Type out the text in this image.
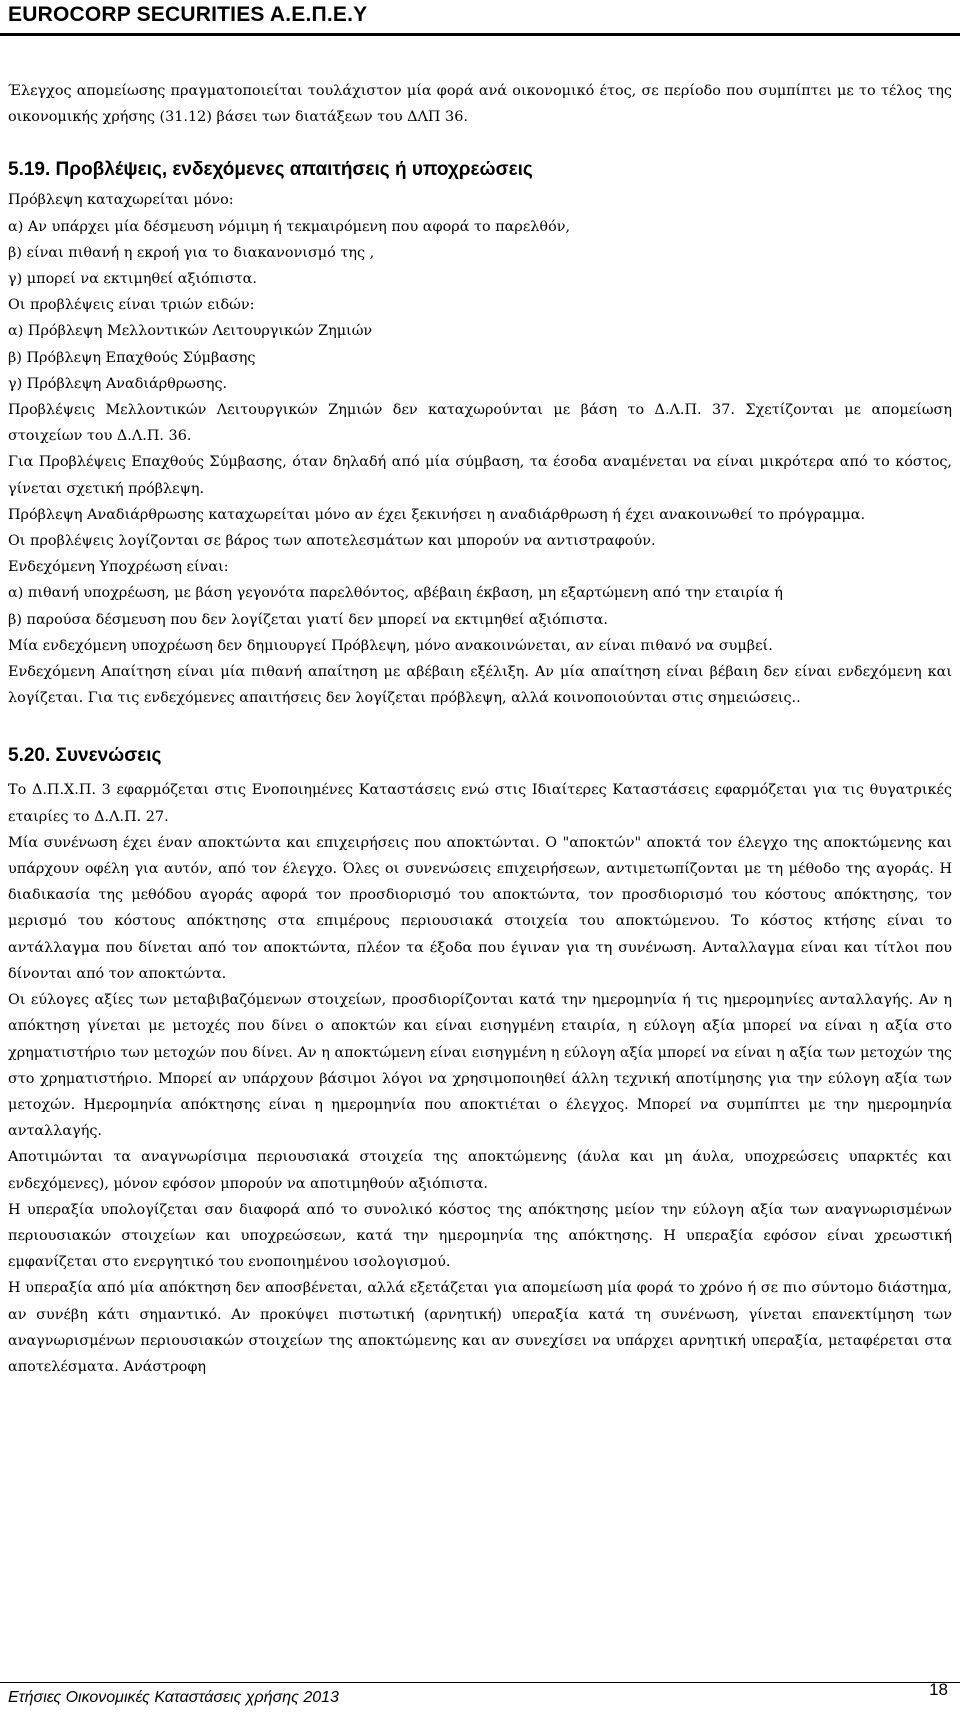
EUROCORP SECURITIES A.E.Π.Ε.Υ

Έλεγχος απομείωσης πραγματοποιείται τουλάχιστον μία φορά ανά οικονομικό έτος, σε περίοδο που συμπίπτει με το τέλος της οικονομικής χρήσης (31.12) βάσει των διατάξεων του ΔΛΠ 36.

5.19. Προβλέψεις, ενδεχόμενες απαιτήσεις ή υποχρεώσεις

Πρόβλεψη καταχωρείται μόνο:

α) Αν υπάρχει μία δέσμευση νόμιμη ή τεκμαιρόμενη που αφορά το παρελθόν,

β) είναι πιθανή η εκροή για το διακανονισμό της ,

γ) μπορεί να εκτιμηθεί αξιόπιστα.

Οι προβλέψεις είναι τριών ειδών:

α) Πρόβλεψη Μελλοντικών Λειτουργικών Ζημιών

β) Πρόβλεψη Επαχθούς Σύμβασης

γ) Πρόβλεψη Αναδιάρθρωσης.

Προβλέψεις Μελλοντικών Λειτουργικών Ζημιών δεν καταχωρούνται με βάση το Δ.Λ.Π. 37. Σχετίζονται με απομείωση στοιχείων του Δ.Λ.Π. 36.

Για Προβλέψεις Επαχθούς Σύμβασης, όταν δηλαδή από μία σύμβαση, τα έσοδα αναμένεται να είναι μικρότερα από το κόστος, γίνεται σχετική πρόβλεψη.

Πρόβλεψη Αναδιάρθρωσης καταχωρείται μόνο αν έχει ξεκινήσει η αναδιάρθρωση ή έχει ανακοινωθεί το πρόγραμμα.

Οι προβλέψεις λογίζονται σε βάρος των αποτελεσμάτων και μπορούν να αντιστραφούν.

Ενδεχόμενη Υποχρέωση είναι:

α) πιθανή υποχρέωση, με βάση γεγονότα παρελθόντος, αβέβαιη έκβαση, μη εξαρτώμενη από την εταιρία ή

β) παρούσα δέσμευση που δεν λογίζεται γιατί δεν μπορεί να εκτιμηθεί αξιόπιστα.

Μία ενδεχόμενη υποχρέωση δεν δημιουργεί Πρόβλεψη, μόνο ανακοινώνεται, αν είναι πιθανό να συμβεί.

Ενδεχόμενη Απαίτηση είναι μία πιθανή απαίτηση με αβέβαιη εξέλιξη. Αν μία απαίτηση είναι βέβαιη δεν είναι ενδεχόμενη και λογίζεται. Για τις ενδεχόμενες απαιτήσεις δεν λογίζεται πρόβλεψη, αλλά κοινοποιούνται στις σημειώσεις..

5.20. Συνενώσεις

Το Δ.Π.Χ.Π. 3 εφαρμόζεται στις Ενοποιημένες Καταστάσεις ενώ στις Ιδιαίτερες Καταστάσεις εφαρμόζεται για τις θυγατρικές εταιρίες το Δ.Λ.Π. 27.

Μία συνένωση έχει έναν αποκτώντα και επιχειρήσεις που αποκτώνται. Ο "αποκτών" αποκτά τον έλεγχο της αποκτώμενης και υπάρχουν οφέλη για αυτόν, από τον έλεγχο. Όλες οι συνενώσεις επιχειρήσεων, αντιμετωπίζονται με τη μέθοδο της αγοράς. Η διαδικασία της μεθόδου αγοράς αφορά τον προσδιορισμό του αποκτώντα, τον προσδιορισμό του κόστους απόκτησης, τον μερισμό του κόστους απόκτησης στα επιμέρους περιουσιακά στοιχεία του αποκτώμενου. Το κόστος κτήσης είναι το αντάλλαγμα που δίνεται από τον αποκτώντα, πλέον τα έξοδα που έγιναν για τη συνένωση. Ανταλλαγμα είναι και τίτλοι που δίνονται από τον αποκτώντα.

Οι εύλογες αξίες των μεταβιβαζόμενων στοιχείων, προσδιορίζονται κατά την ημερομηνία ή τις ημερομηνίες ανταλλαγής. Αν η απόκτηση γίνεται με μετοχές που δίνει ο αποκτών και είναι εισηγμένη εταιρία, η εύλογη αξία μπορεί να είναι η αξία στο χρηματιστήριο των μετοχών που δίνει. Αν η αποκτώμενη είναι εισηγμένη η εύλογη αξία μπορεί να είναι η αξία των μετοχών της στο χρηματιστήριο. Μπορεί αν υπάρχουν βάσιμοι λόγοι να χρησιμοποιηθεί άλλη τεχνική αποτίμησης για την εύλογη αξία των μετοχών. Ημερομηνία απόκτησης είναι η ημερομηνία που αποκτιέται ο έλεγχος. Μπορεί να συμπίπτει με την ημερομηνία ανταλλαγής.

Αποτιμώνται τα αναγνωρίσιμα περιουσιακά στοιχεία της αποκτώμενης (άυλα και μη άυλα, υποχρεώσεις υπαρκτές και ενδεχόμενες), μόνον εφόσον μπορούν να αποτιμηθούν αξιόπιστα.

Η υπεραξία υπολογίζεται σαν διαφορά από το συνολικό κόστος της απόκτησης μείον την εύλογη αξία των αναγνωρισμένων περιουσιακών στοιχείων και υποχρεώσεων, κατά την ημερομηνία της απόκτησης. Η υπεραξία εφόσον είναι χρεωστική εμφανίζεται στο ενεργητικό του ενοποιημένου ισολογισμού.

Η υπεραξία από μία απόκτηση δεν αποσβένεται, αλλά εξετάζεται για απομείωση μία φορά το χρόνο ή σε πιο σύντομο διάστημα, αν συνέβη κάτι σημαντικό. Αν προκύψει πιστωτική (αρνητική) υπεραξία κατά τη συνένωση, γίνεται επανεκτίμηση των αναγνωρισμένων περιουσιακών στοιχείων της αποκτώμενης και αν συνεχίσει να υπάρχει αρνητική υπεραξία, μεταφέρεται στα αποτελέσματα. Ανάστροφη

Ετήσιες Οικονομικές Καταστάσεις χρήσης 2013	18
